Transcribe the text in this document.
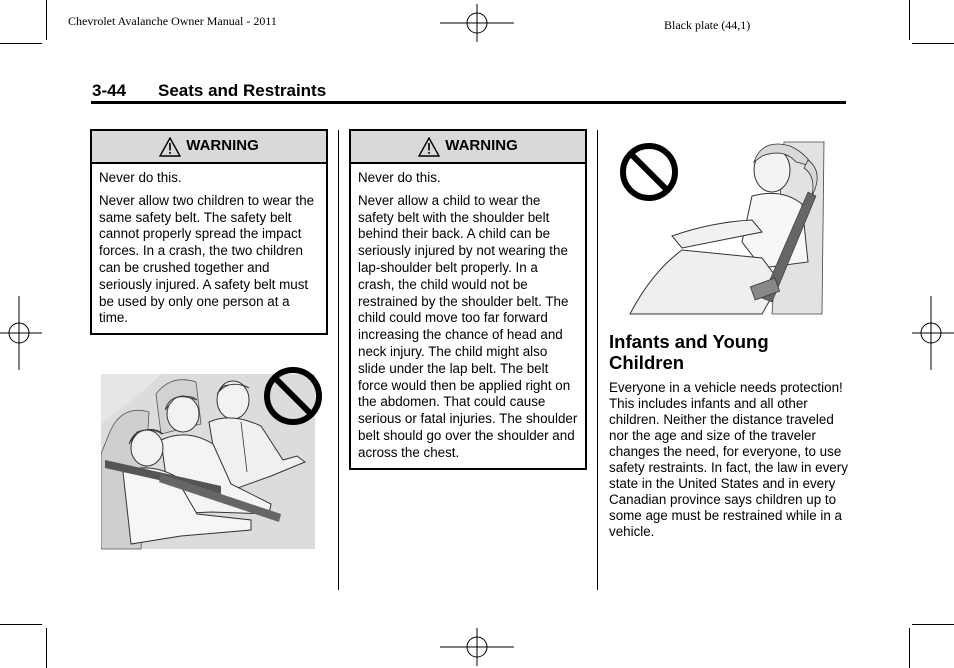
Chevrolet Avalanche Owner Manual - 2011	Black plate (44,1)
3-44 Seats and Restraints
WARNING

Never do this.

Never allow two children to wear the same safety belt. The safety belt cannot properly spread the impact forces. In a crash, the two children can be crushed together and seriously injured. A safety belt must be used by only one person at a time.

WARNING

Never do this.

Never allow a child to wear the safety belt with the shoulder belt behind their back. A child can be seriously injured by not wearing the lap-shoulder belt properly. In a crash, the child would not be restrained by the shoulder belt. The child could move too far forward increasing the chance of head and neck injury. The child might also slide under the lap belt. The belt force would then be applied right on the abdomen. That could cause serious or fatal injuries. The shoulder belt should go over the shoulder and across the chest.

Infants and Young Children

Everyone in a vehicle needs protection! This includes infants and all other children. Neither the distance traveled nor the age and size of the traveler changes the need, for everyone, to use safety restraints. In fact, the law in every state in the United States and in every Canadian province says children up to some age must be restrained while in a vehicle.
